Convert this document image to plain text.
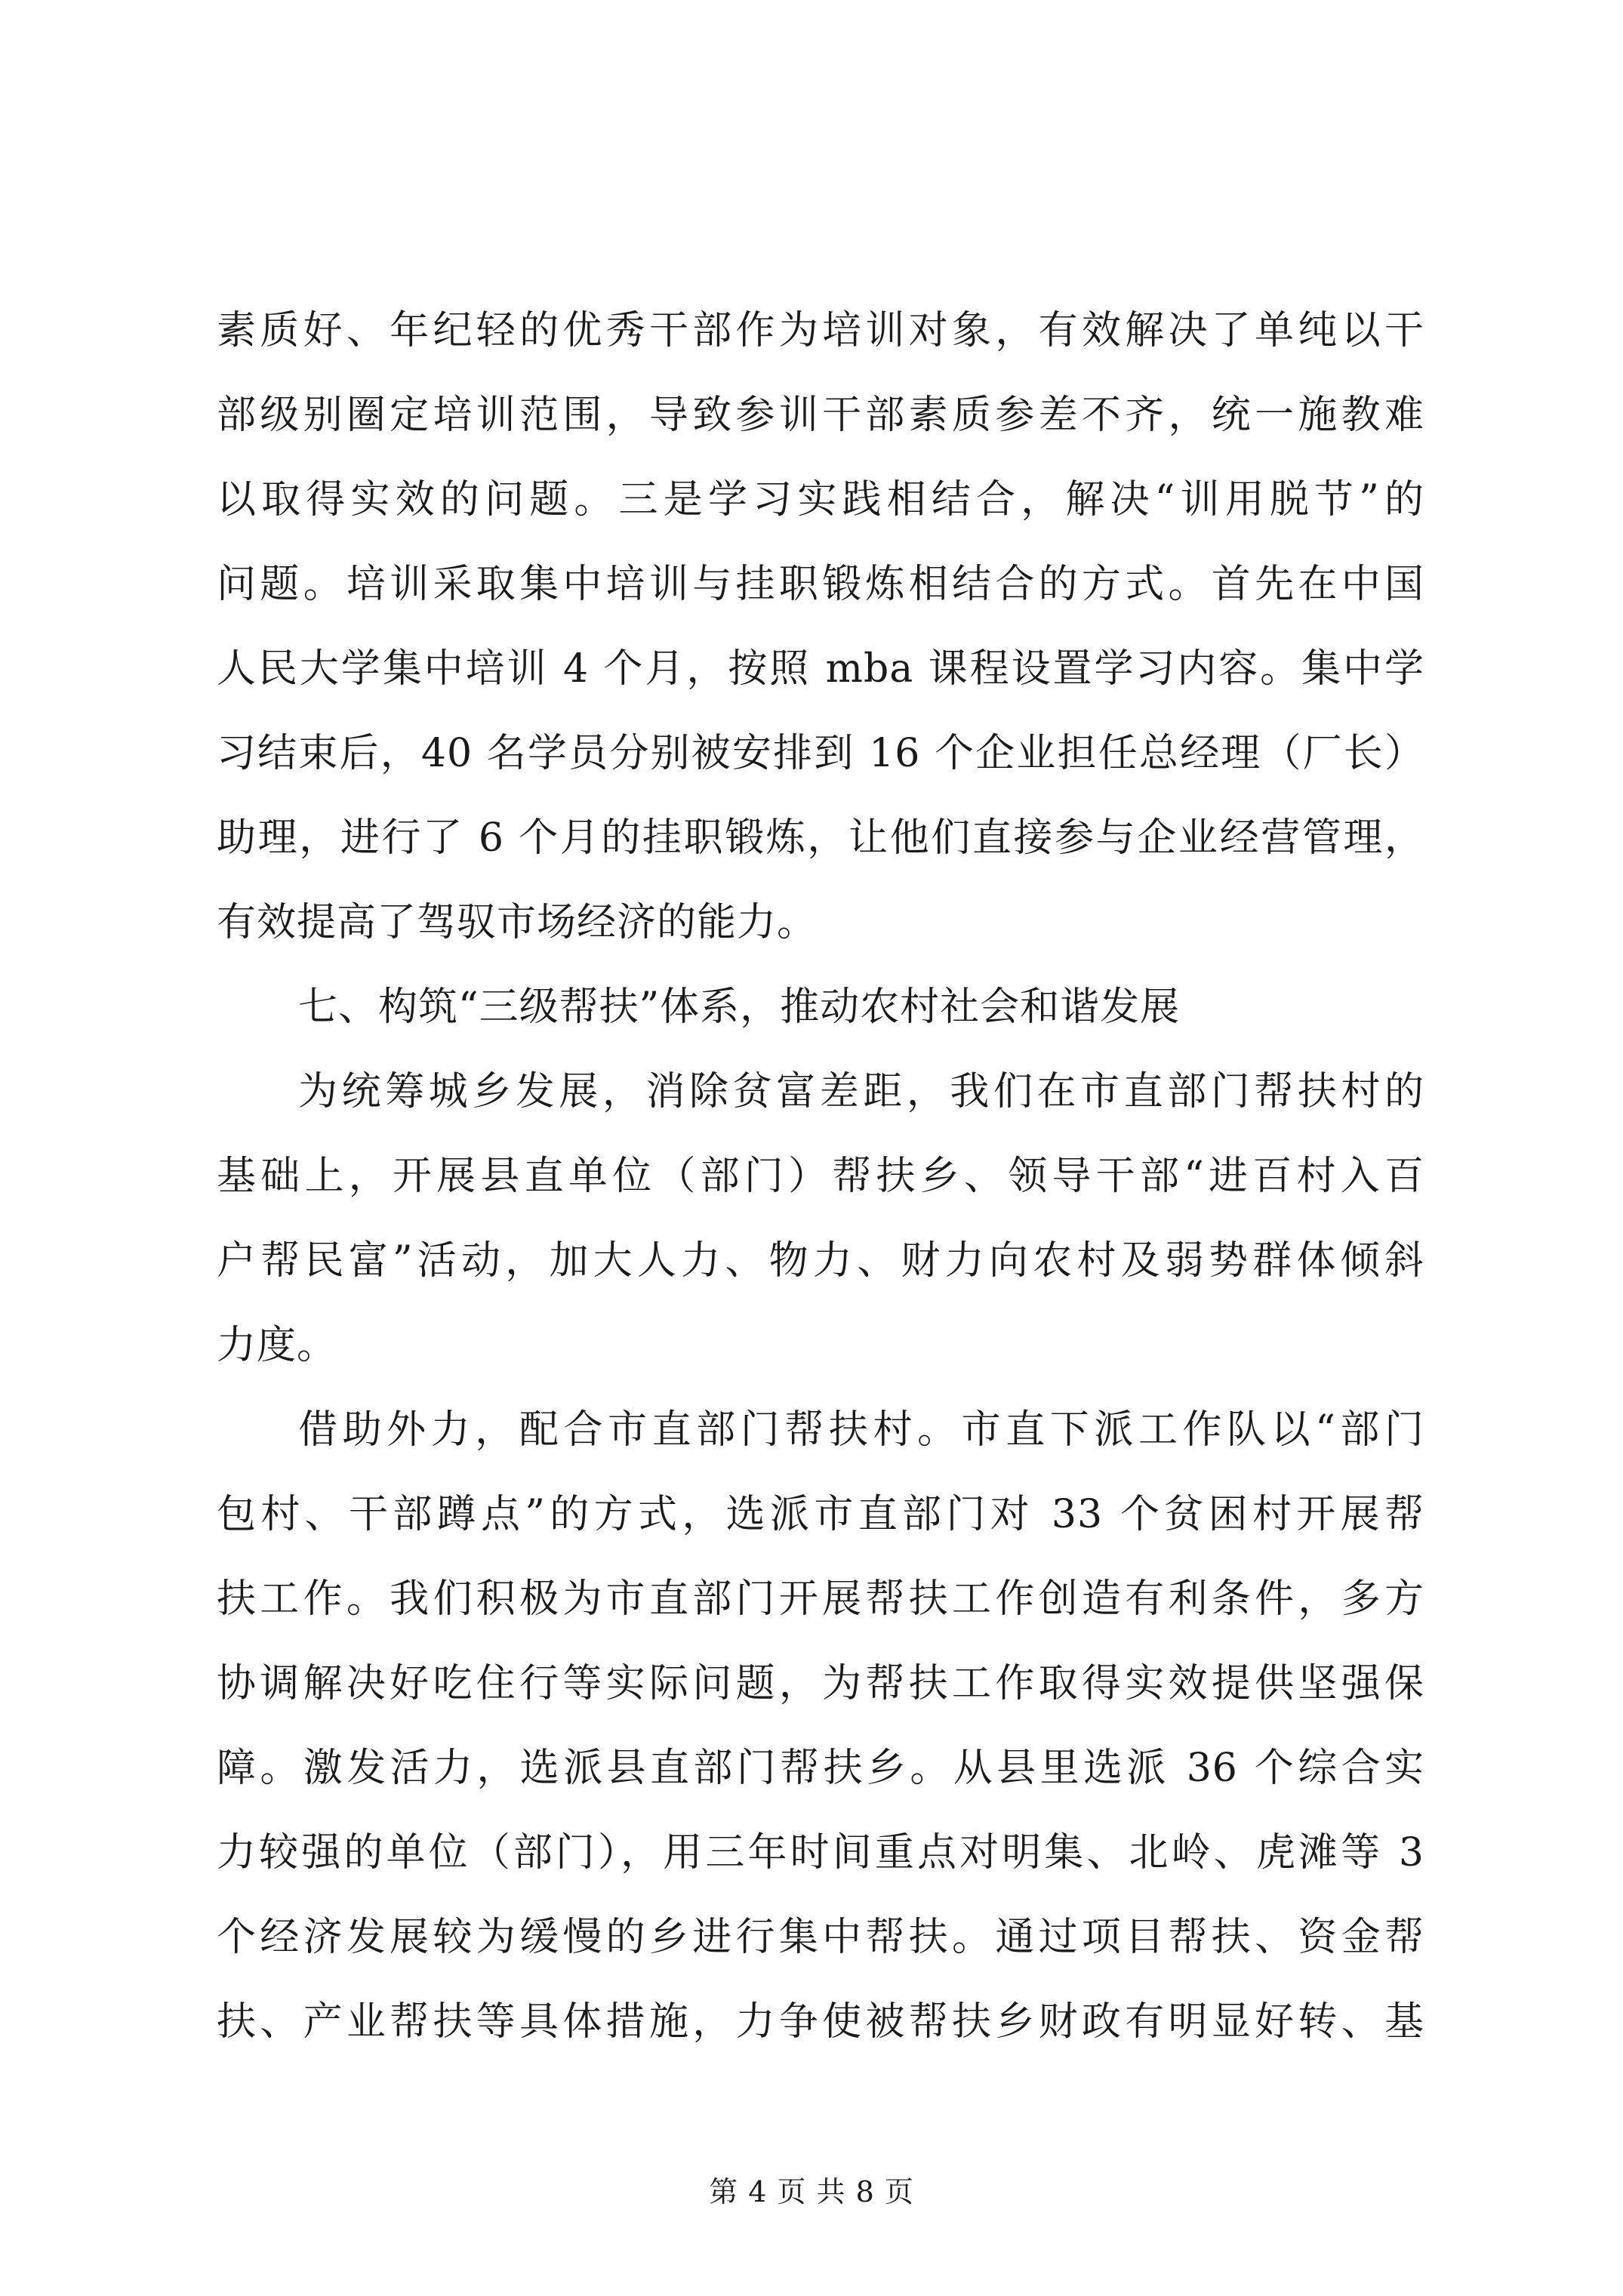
素质好、年纪轻的优秀干部作为培训对象，有效解决了单纯以干
部级别圈定培训范围，导致参训干部素质参差不齐，统一施教难
以取得实效的问题。三是学习实践相结合，解决“训用脱节”的
问题。培训采取集中培训与挂职锻炼相结合的方式。首先在中国
人民大学集中培训 4 个月，按照 mba 课程设置学习内容。集中学
习结束后，40 名学员分别被安排到 16 个企业担任总经理（厂长）
助理，进行了 6 个月的挂职锻炼，让他们直接参与企业经营管理，
有效提高了驾驭市场经济的能力。
七、构筑“三级帮扶”体系，推动农村社会和谐发展
为统筹城乡发展，消除贫富差距，我们在市直部门帮扶村的
基础上，开展县直单位（部门）帮扶乡、领导干部“进百村入百
户帮民富”活动，加大人力、物力、财力向农村及弱势群体倾斜
力度。
借助外力，配合市直部门帮扶村。市直下派工作队以“部门
包村、干部蹲点”的方式，选派市直部门对 33 个贫困村开展帮
扶工作。我们积极为市直部门开展帮扶工作创造有利条件，多方
协调解决好吃住行等实际问题，为帮扶工作取得实效提供坚强保
障。激发活力，选派县直部门帮扶乡。从县里选派 36 个综合实
力较强的单位（部门），用三年时间重点对明集、北岭、虎滩等 3
个经济发展较为缓慢的乡进行集中帮扶。通过项目帮扶、资金帮
扶、产业帮扶等具体措施，力争使被帮扶乡财政有明显好转、基
第 4 页 共 8 页
